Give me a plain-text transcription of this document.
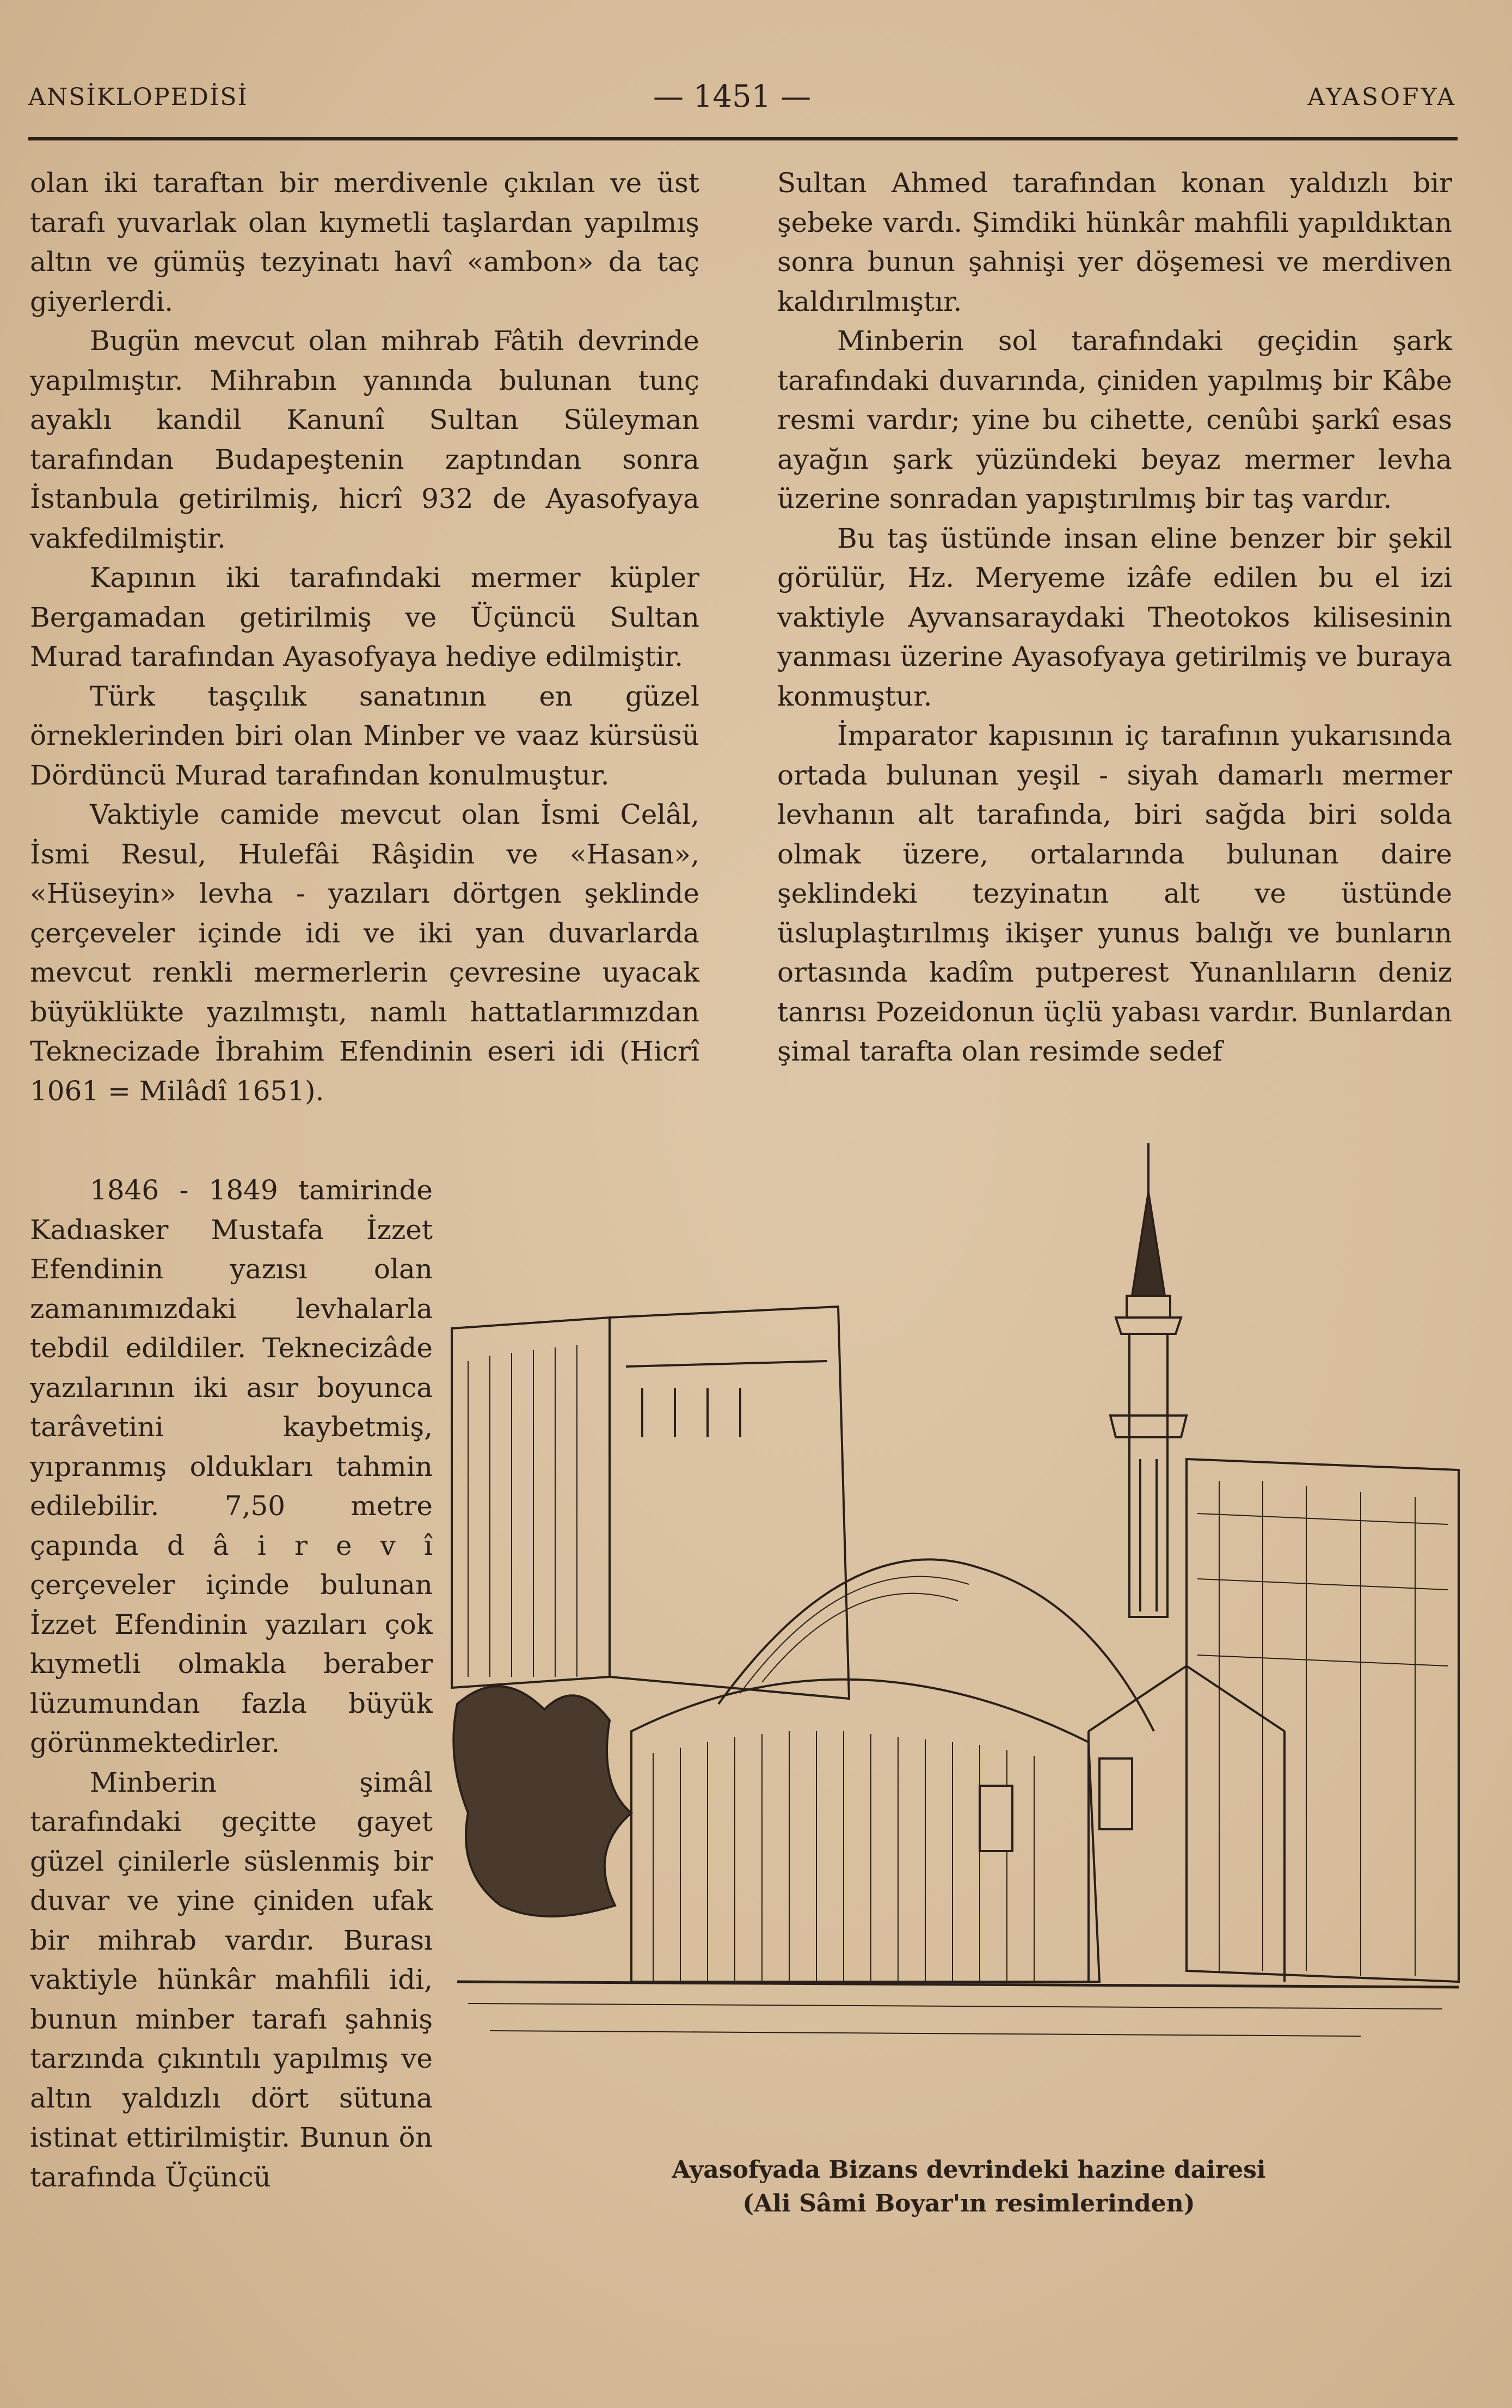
ANSİKLOPEDİSİ	— 1451 —	AYASOFYA

olan iki taraftan bir merdivenle çıkılan ve üst tarafı yuvarlak olan kıymetli taşlardan yapılmış altın ve gümüş tezyinatı havî «ambon» da taç giyerlerdi.

Bugün mevcut olan mihrab Fâtih devrinde yapılmıştır. Mihrabın yanında bulunan tunç ayaklı kandil Kanunî Sultan Süleyman tarafından Budapeştenin zaptından sonra İstanbula getirilmiş, hicrî 932 de Ayasofyaya vakfedilmiştir.

Kapının iki tarafındaki mermer küpler Bergamadan getirilmiş ve Üçüncü Sultan Murad tarafından Ayasofyaya hediye edilmiştir.

Türk taşçılık sanatının en güzel örneklerinden biri olan Minber ve vaaz kürsüsü Dördüncü Murad tarafından konulmuştur.

Vaktiyle camide mevcut olan İsmi Celâl, İsmi Resul, Hulefâi Râşidin ve «Hasan», «Hüseyin» levha - yazıları dörtgen şeklinde çerçeveler içinde idi ve iki yan duvarlarda mevcut renkli mermerlerin çevresine uyacak büyüklükte yazılmıştı, namlı hattatlarımızdan Teknecizade İbrahim Efendinin eseri idi (Hicrî 1061 = Milâdî 1651).

1846 - 1849 tamirinde Kadıasker Mustafa İzzet Efendinin yazısı olan zamanımızdaki levhalarla tebdil edildiler. Teknecizâde yazılarının iki asır boyunca tarâvetini kaybetmiş, yıpranmış oldukları tahmin edilebilir. 7,50 metre çapında d â i r e v î çerçeveler içinde bulunan İzzet Efendinin yazıları çok kıymetli olmakla beraber lüzumundan fazla büyük görünmektedirler.

Minberin şimâl tarafındaki geçitte gayet güzel çinilerle süslenmiş bir duvar ve yine çiniden ufak bir mihrab vardır. Burası vaktiyle hünkâr mahfili idi, bunun minber tarafı şahniş tarzında çıkıntılı yapılmış ve altın yaldızlı dört sütuna istinat ettirilmiştir. Bunun ön tarafında Üçüncü

Sultan Ahmed tarafından konan yaldızlı bir şebeke vardı. Şimdiki hünkâr mahfili yapıldıktan sonra bunun şahnişi yer döşemesi ve merdiven kaldırılmıştır.

Minberin sol tarafındaki geçidin şark tarafındaki duvarında, çiniden yapılmış bir Kâbe resmi vardır; yine bu cihette, cenûbi şarkî esas ayağın şark yüzündeki beyaz mermer levha üzerine sonradan yapıştırılmış bir taş vardır.

Bu taş üstünde insan eline benzer bir şekil görülür, Hz. Meryeme izâfe edilen bu el izi vaktiyle Ayvansaraydaki Theotokos kilisesinin yanması üzerine Ayasofyaya getirilmiş ve buraya konmuştur.

İmparator kapısının iç tarafının yukarısında ortada bulunan yeşil - siyah damarlı mermer levhanın alt tarafında, biri sağda biri solda olmak üzere, ortalarında bulunan daire şeklindeki tezyinatın alt ve üstünde üsluplaştırılmış ikişer yunus balığı ve bunların ortasında kadîm putperest Yunanlıların deniz tanrısı Pozeidonun üçlü yabası vardır. Bunlardan şimal tarafta olan resimde sedef

Ayasofyada Bizans devrindeki hazine dairesi
(Ali Sâmi Boyar'ın resimlerinden)
